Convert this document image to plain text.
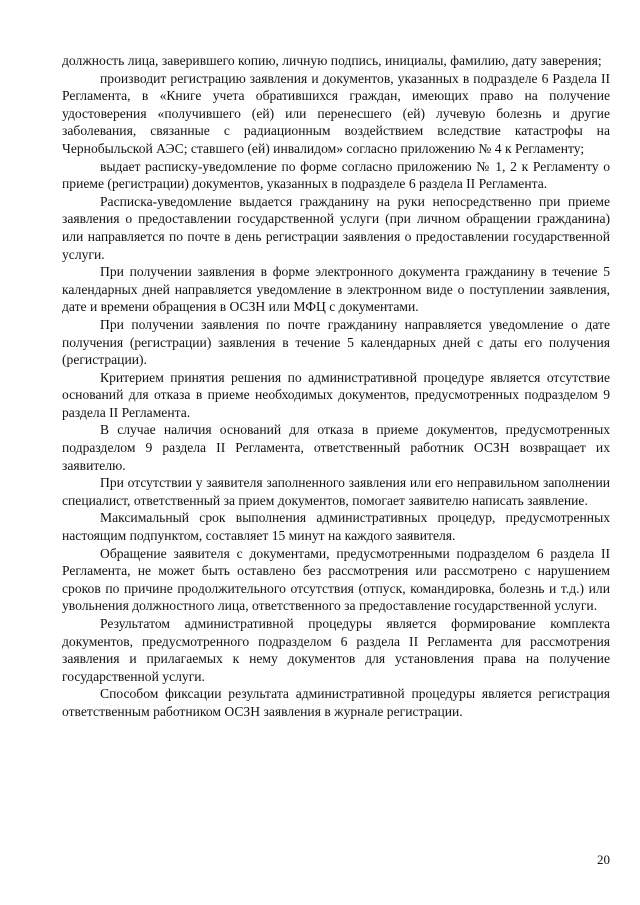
должность лица, заверившего копию, личную подпись, инициалы, фамилию, дату заверения;

производит регистрацию заявления и документов, указанных в подразделе 6 Раздела II Регламента, в «Книге учета обратившихся граждан, имеющих право на получение удостоверения «получившего (ей) или перенесшего (ей) лучевую болезнь и другие заболевания, связанные с радиационным воздействием вследствие катастрофы на Чернобыльской АЭС; ставшего (ей) инвалидом» согласно приложению № 4 к Регламенту;

выдает расписку-уведомление по форме согласно приложению № 1, 2 к Регламенту о приеме (регистрации) документов, указанных в подразделе 6 раздела II Регламента.

Расписка-уведомление выдается гражданину на руки непосредственно при приеме заявления о предоставлении государственной услуги (при личном обращении гражданина) или направляется по почте в день регистрации заявления о предоставлении государственной услуги.

При получении заявления в форме электронного документа гражданину в течение 5 календарных дней направляется уведомление в электронном виде о поступлении заявления, дате и времени обращения в ОСЗН или МФЦ с документами.

При получении заявления по почте гражданину направляется уведомление о дате получения (регистрации) заявления в течение 5 календарных дней с даты его получения (регистрации).

Критерием принятия решения по административной процедуре является отсутствие оснований для отказа в приеме необходимых документов, предусмотренных подразделом 9 раздела II Регламента.

В случае наличия оснований для отказа в приеме документов, предусмотренных подразделом 9 раздела II Регламента, ответственный работник ОСЗН возвращает их заявителю.

При отсутствии у заявителя заполненного заявления или его неправильном заполнении специалист, ответственный за прием документов, помогает заявителю написать заявление.

Максимальный срок выполнения административных процедур, предусмотренных настоящим подпунктом, составляет 15 минут на каждого заявителя.

Обращение заявителя с документами, предусмотренными подразделом 6 раздела II Регламента, не может быть оставлено без рассмотрения или рассмотрено с нарушением сроков по причине продолжительного отсутствия (отпуск, командировка, болезнь и т.д.) или увольнения должностного лица, ответственного за предоставление государственной услуги.

Результатом административной процедуры является формирование комплекта документов, предусмотренного подразделом 6 раздела II Регламента для рассмотрения заявления и прилагаемых к нему документов для установления права на получение государственной услуги.

Способом фиксации результата административной процедуры является регистрация ответственным работником ОСЗН заявления в журнале регистрации.

20
